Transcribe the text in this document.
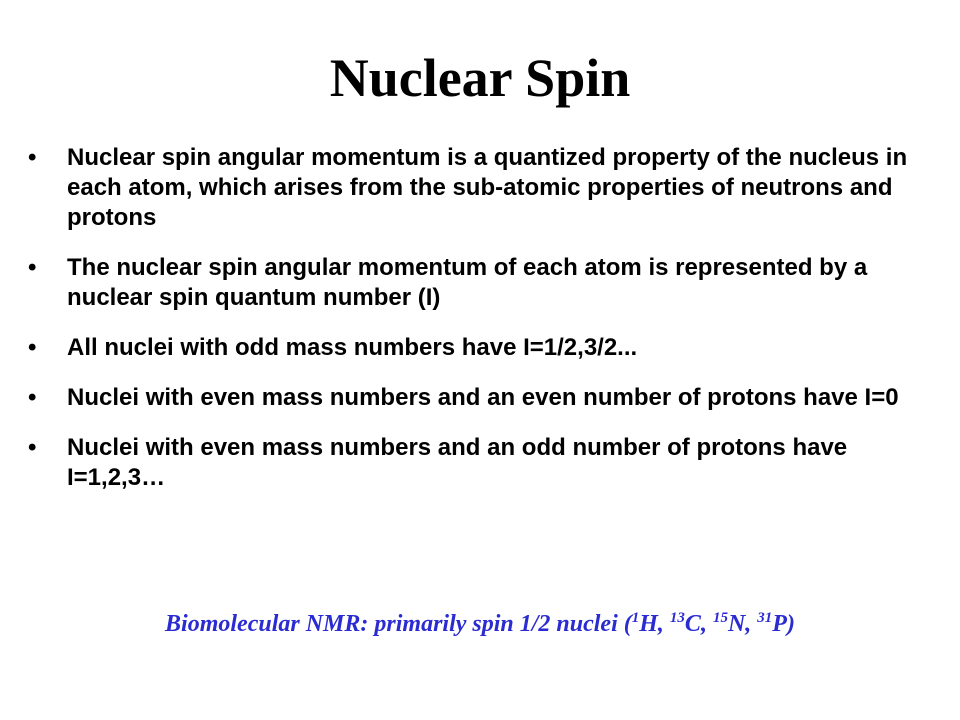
Nuclear Spin
• Nuclear spin angular momentum is a quantized property of the nucleus in each atom, which arises from the sub-atomic properties of neutrons and protons
• The nuclear spin angular momentum of each atom is represented by a nuclear spin quantum number (I)
• All nuclei with odd mass numbers have I=1/2,3/2...
• Nuclei with even mass numbers and an even number of protons have I=0
• Nuclei with even mass numbers and an odd number of protons have I=1,2,3…
Biomolecular NMR: primarily spin 1/2 nuclei ($^1$H, $^{13}$C, $^{15}$N, $^{31}$P)
